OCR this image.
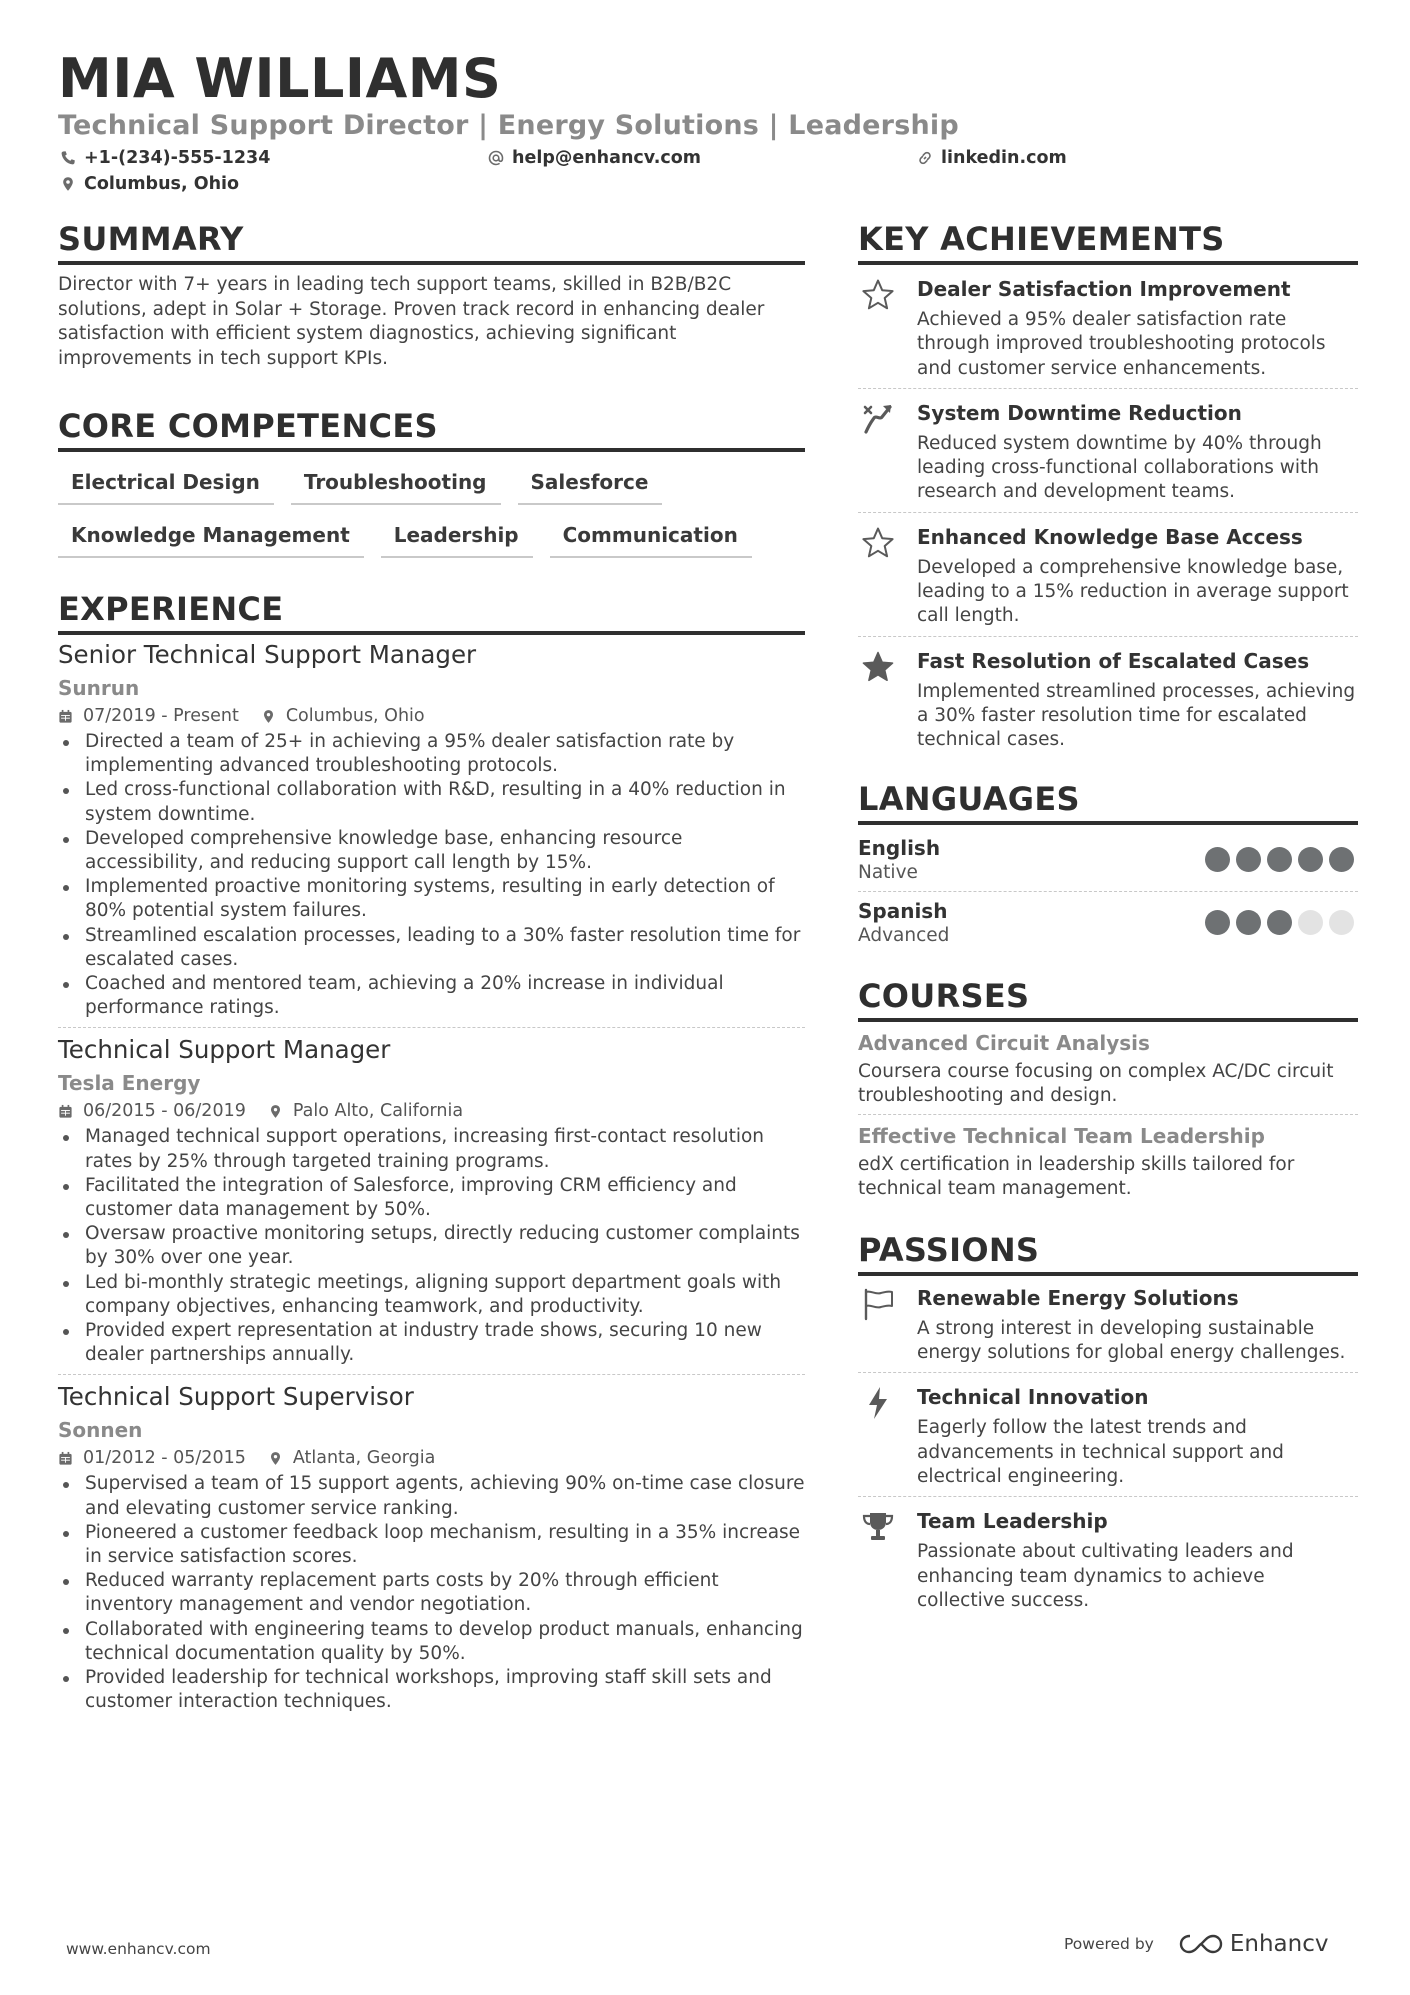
MIA WILLIAMS
Technical Support Director | Energy Solutions | Leadership
+1-(234)-555-1234	help@enhancv.com	linkedin.com
Columbus, Ohio
SUMMARY

Director with 7+ years in leading tech support teams, skilled in B2B/B2C solutions, adept in Solar + Storage. Proven track record in enhancing dealer satisfaction with efficient system diagnostics, achieving significant improvements in tech support KPIs.

CORE COMPETENCES
Electrical Design	Troubleshooting	Salesforce
Knowledge Management	Leadership	Communication
EXPERIENCE
Senior Technical Support Manager
Sunrun
07/2019 - Present	Columbus, Ohio
Directed a team of 25+ in achieving a 95% dealer satisfaction rate by implementing advanced troubleshooting protocols.
Led cross-functional collaboration with R&D, resulting in a 40% reduction in system downtime.
Developed comprehensive knowledge base, enhancing resource accessibility, and reducing support call length by 15%.
Implemented proactive monitoring systems, resulting in early detection of 80% potential system failures.
Streamlined escalation processes, leading to a 30% faster resolution time for escalated cases.
Coached and mentored team, achieving a 20% increase in individual performance ratings.
Technical Support Manager
Tesla Energy
06/2015 - 06/2019	Palo Alto, California
Managed technical support operations, increasing first-contact resolution rates by 25% through targeted training programs.
Facilitated the integration of Salesforce, improving CRM efficiency and customer data management by 50%.
Oversaw proactive monitoring setups, directly reducing customer complaints by 30% over one year.
Led bi-monthly strategic meetings, aligning support department goals with company objectives, enhancing teamwork, and productivity.
Provided expert representation at industry trade shows, securing 10 new dealer partnerships annually.
Technical Support Supervisor
Sonnen
01/2012 - 05/2015	Atlanta, Georgia
Supervised a team of 15 support agents, achieving 90% on-time case closure and elevating customer service ranking.
Pioneered a customer feedback loop mechanism, resulting in a 35% increase in service satisfaction scores.
Reduced warranty replacement parts costs by 20% through efficient inventory management and vendor negotiation.
Collaborated with engineering teams to develop product manuals, enhancing technical documentation quality by 50%.
Provided leadership for technical workshops, improving staff skill sets and customer interaction techniques.
KEY ACHIEVEMENTS
Dealer Satisfaction Improvement

Achieved a 95% dealer satisfaction rate through improved troubleshooting protocols and customer service enhancements.

System Downtime Reduction

Reduced system downtime by 40% through leading cross-functional collaborations with research and development teams.

Enhanced Knowledge Base Access

Developed a comprehensive knowledge base, leading to a 15% reduction in average support call length.

Fast Resolution of Escalated Cases

Implemented streamlined processes, achieving a 30% faster resolution time for escalated technical cases.

LANGUAGES
English
Native
Spanish
Advanced
COURSES
Advanced Circuit Analysis

Coursera course focusing on complex AC/DC circuit troubleshooting and design.

Effective Technical Team Leadership

edX certification in leadership skills tailored for technical team management.

PASSIONS
Renewable Energy Solutions

A strong interest in developing sustainable energy solutions for global energy challenges.

Technical Innovation

Eagerly follow the latest trends and advancements in technical support and electrical engineering.

Team Leadership

Passionate about cultivating leaders and enhancing team dynamics to achieve collective success.

www.enhancv.com	Powered by	Enhancv
